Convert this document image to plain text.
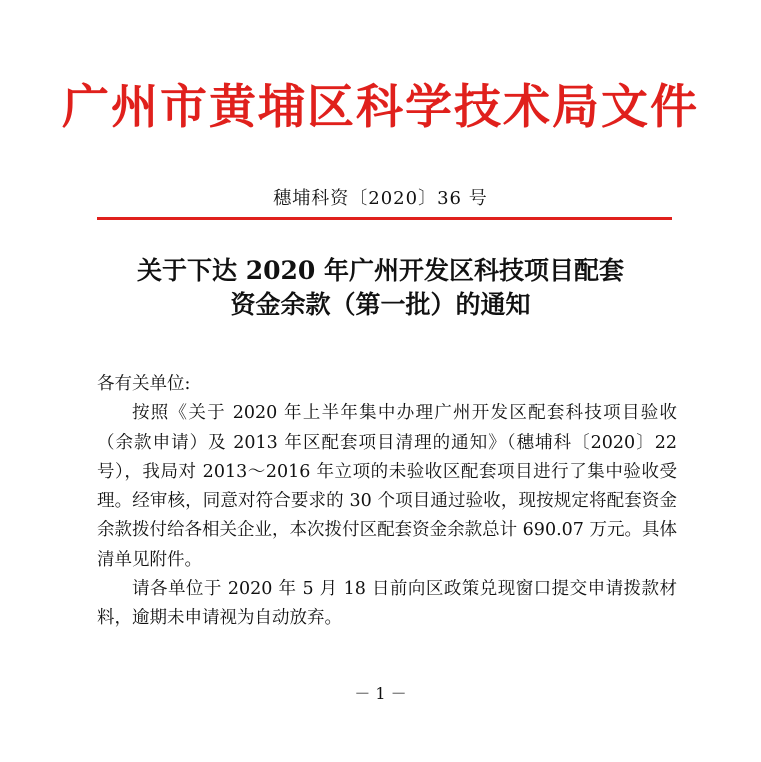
广州市黄埔区科学技术局文件
穗埔科资〔2020〕36 号
关于下达 2020 年广州开发区科技项目配套
资金余款（第一批）的通知

各有关单位:

按照《关于 2020 年上半年集中办理广州开发区配套科技项目验收（余款申请）及 2013 年区配套项目清理的通知》（穗埔科〔2020〕22 号），我局对 2013～2016 年立项的未验收区配套项目进行了集中验收受理。经审核，同意对符合要求的 30 个项目通过验收，现按规定将配套资金余款拨付给各相关企业，本次拨付区配套资金余款总计 690.07 万元。具体清单见附件。

请各单位于 2020 年 5 月 18 日前向区政策兑现窗口提交申请拨款材料，逾期未申请视为自动放弃。

－ 1 －
